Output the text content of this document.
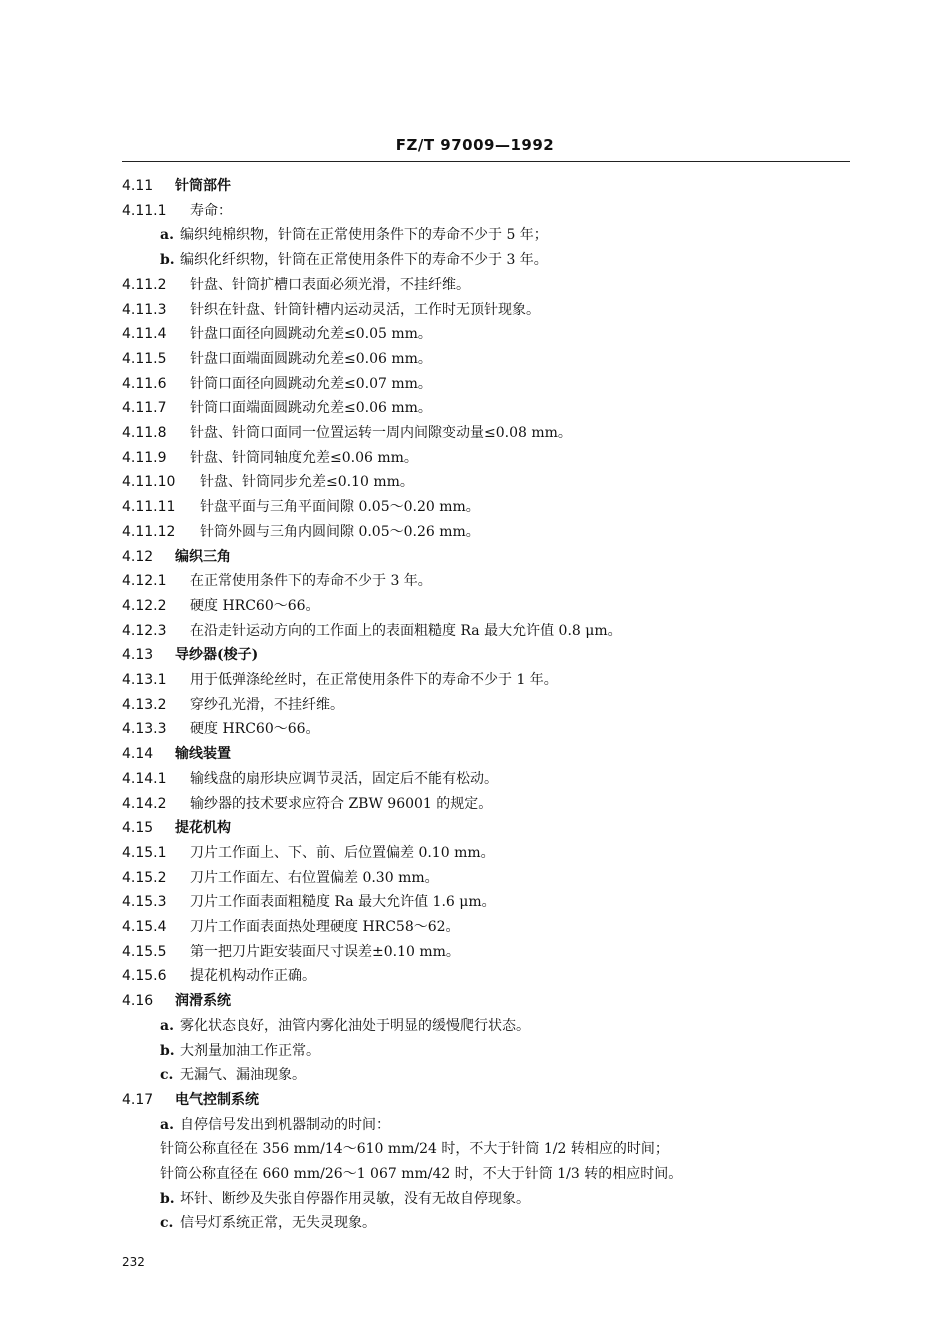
FZ/T 97009—1992
4.11 针筒部件
4.11.1 寿命：
a. 编织纯棉织物，针筒在正常使用条件下的寿命不少于 5 年；
b. 编织化纤织物，针筒在正常使用条件下的寿命不少于 3 年。
4.11.2 针盘、针筒扩槽口表面必须光滑，不挂纤维。
4.11.3 针织在针盘、针筒针槽内运动灵活，工作时无顶针现象。
4.11.4 针盘口面径向圆跳动允差≤0.05 mm。
4.11.5 针盘口面端面圆跳动允差≤0.06 mm。
4.11.6 针筒口面径向圆跳动允差≤0.07 mm。
4.11.7 针筒口面端面圆跳动允差≤0.06 mm。
4.11.8 针盘、针筒口面同一位置运转一周内间隙变动量≤0.08 mm。
4.11.9 针盘、针筒同轴度允差≤0.06 mm。
4.11.10 针盘、针筒同步允差≤0.10 mm。
4.11.11 针盘平面与三角平面间隙 0.05～0.20 mm。
4.11.12 针筒外圆与三角内圆间隙 0.05～0.26 mm。
4.12 编织三角
4.12.1 在正常使用条件下的寿命不少于 3 年。
4.12.2 硬度 HRC60～66。
4.12.3 在沿走针运动方向的工作面上的表面粗糙度 Ra 最大允许值 0.8 μm。
4.13 导纱器(梭子)
4.13.1 用于低弹涤纶丝时，在正常使用条件下的寿命不少于 1 年。
4.13.2 穿纱孔光滑，不挂纤维。
4.13.3 硬度 HRC60～66。
4.14 输线装置
4.14.1 输线盘的扇形块应调节灵活，固定后不能有松动。
4.14.2 输纱器的技术要求应符合 ZBW 96001 的规定。
4.15 提花机构
4.15.1 刀片工作面上、下、前、后位置偏差 0.10 mm。
4.15.2 刀片工作面左、右位置偏差 0.30 mm。
4.15.3 刀片工作面表面粗糙度 Ra 最大允许值 1.6 μm。
4.15.4 刀片工作面表面热处理硬度 HRC58～62。
4.15.5 第一把刀片距安装面尺寸误差±0.10 mm。
4.15.6 提花机构动作正确。
4.16 润滑系统
a. 雾化状态良好，油管内雾化油处于明显的缓慢爬行状态。
b. 大剂量加油工作正常。
c. 无漏气、漏油现象。
4.17 电气控制系统
a. 自停信号发出到机器制动的时间：
针筒公称直径在 356 mm/14～610 mm/24 时，不大于针筒 1/2 转相应的时间；
针筒公称直径在 660 mm/26～1 067 mm/42 时，不大于针筒 1/3 转的相应时间。
b. 坏针、断纱及失张自停器作用灵敏，没有无故自停现象。
c. 信号灯系统正常，无失灵现象。
232
